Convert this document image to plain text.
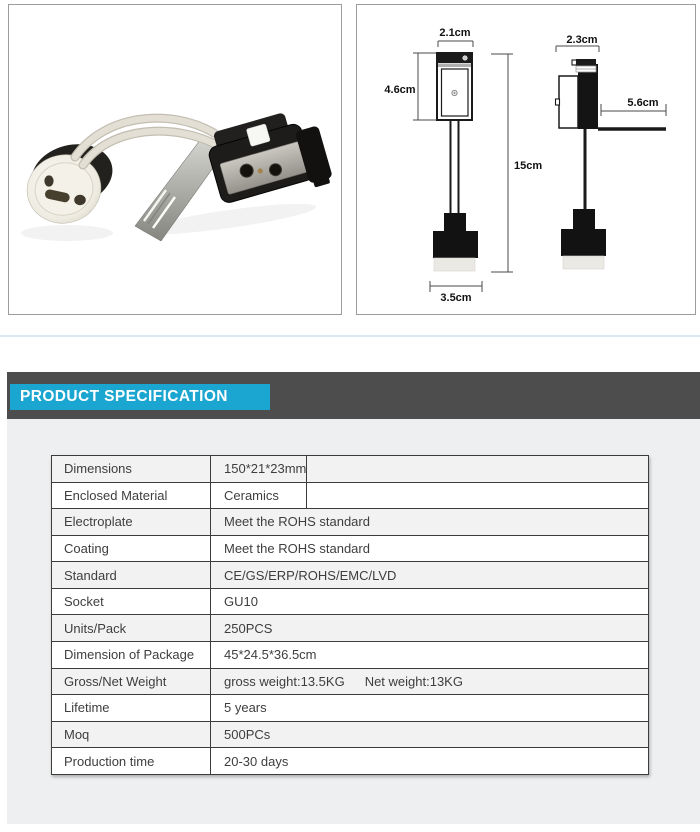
2.1cm
4.6cm
15cm
3.5cm
2.3cm
5.6cm
PRODUCT SPECIFICATION
Dimensions	150*21*23mm
Enclosed Material	Ceramics
Electroplate	Meet the ROHS standard
Coating	Meet the ROHS standard
Standard	CE/GS/ERP/ROHS/EMC/LVD
Socket	GU10
Units/Pack	250PCS
Dimension of Package	45*24.5*36.5cm
Gross/Net Weight	gross weight:13.5KG Net weight:13KG
Lifetime	5 years
Moq	500PCs
Production time	20-30 days
